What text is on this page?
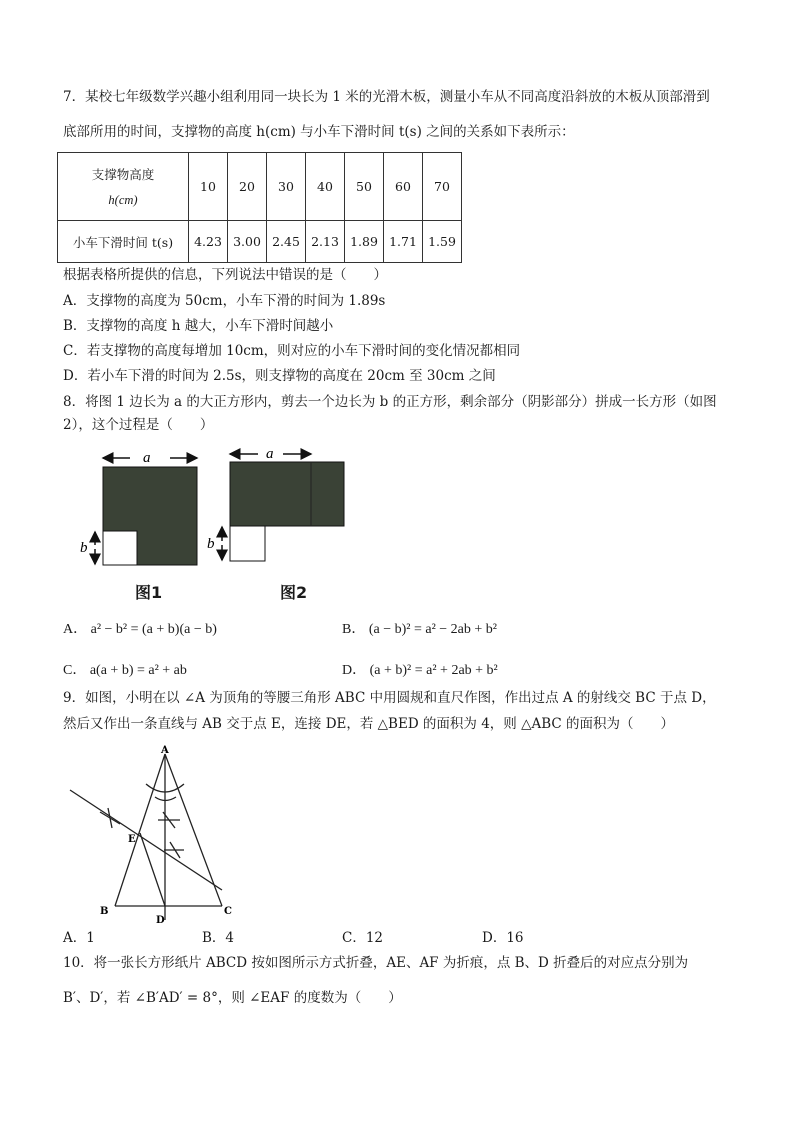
7．某校七年级数学兴趣小组利用同一块长为 1 米的光滑木板，测量小车从不同高度沿斜放的木板从顶部滑到
底部所用的时间，支撑物的高度 h(cm) 与小车下滑时间 t(s) 之间的关系如下表所示：
支撑物高度
h(cm)	10	20	30	40	50	60	70
小车下滑时间 t(s)	4.23	3.00	2.45	2.13	1.89	1.71	1.59
根据表格所提供的信息，下列说法中错误的是（　　）
A．支撑物的高度为 50cm，小车下滑的时间为 1.89s
B．支撑物的高度 h 越大，小车下滑时间越小
C．若支撑物的高度每增加 10cm，则对应的小车下滑时间的变化情况都相同
D．若小车下滑的时间为 2.5s，则支撑物的高度在 20cm 至 30cm 之间
8．将图 1 边长为 a 的大正方形内，剪去一个边长为 b 的正方形，剩余部分（阴影部分）拼成一长方形（如图
2），这个过程是（　　）
a
b
a
b
图1	图2
A． a² − b² = (a + b)(a − b)	B． (a − b)² = a² − 2ab + b²
C． a(a + b) = a² + ab	D． (a + b)² = a² + 2ab + b²
9．如图，小明在以 ∠A 为顶角的等腰三角形 ABC 中用圆规和直尺作图，作出过点 A 的射线交 BC 于点 D，
然后又作出一条直线与 AB 交于点 E，连接 DE，若 △BED 的面积为 4，则 △ABC 的面积为（　　）
A
B	C
D
E
A．1	B．4	C．12	D．16
10．将一张长方形纸片 ABCD 按如图所示方式折叠，AE、AF 为折痕，点 B、D 折叠后的对应点分别为
B′、D′，若 ∠B′AD′ = 8°，则 ∠EAF 的度数为（　　）
